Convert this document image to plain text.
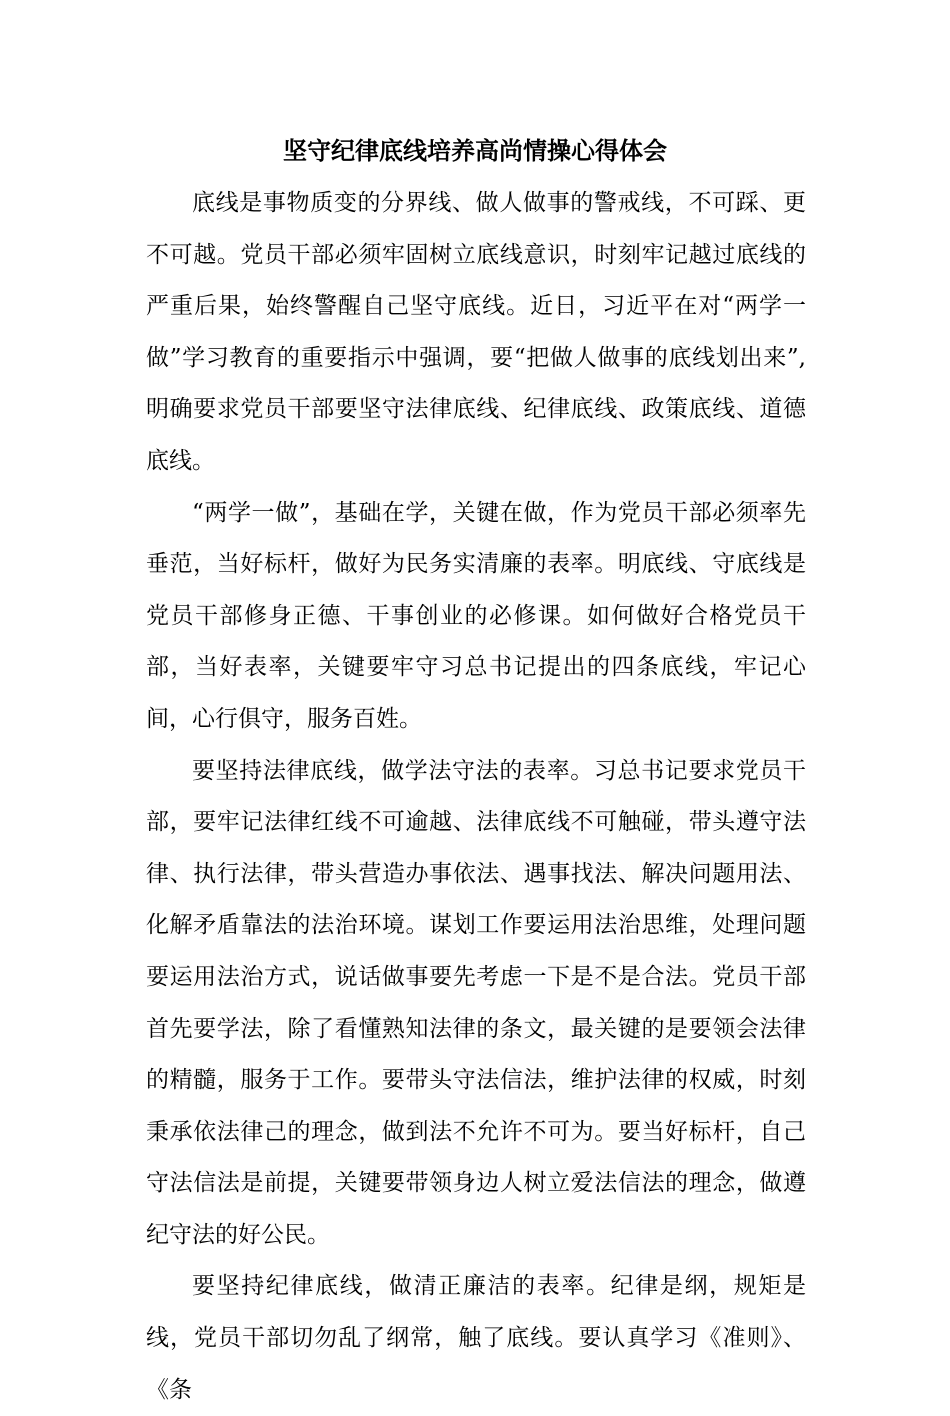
坚守纪律底线培养高尚情操心得体会

底线是事物质变的分界线、做人做事的警戒线，不可踩、更不可越。党员干部必须牢固树立底线意识，时刻牢记越过底线的严重后果，始终警醒自己坚守底线。近日，习近平在对“两学一做”学习教育的重要指示中强调，要“把做人做事的底线划出来”,明确要求党员干部要坚守法律底线、纪律底线、政策底线、道德底线。

“两学一做”，基础在学，关键在做，作为党员干部必须率先垂范，当好标杆，做好为民务实清廉的表率。明底线、守底线是党员干部修身正德、干事创业的必修课。如何做好合格党员干部，当好表率，关键要牢守习总书记提出的四条底线，牢记心间，心行俱守，服务百姓。

要坚持法律底线，做学法守法的表率。习总书记要求党员干部，要牢记法律红线不可逾越、法律底线不可触碰，带头遵守法律、执行法律，带头营造办事依法、遇事找法、解决问题用法、化解矛盾靠法的法治环境。谋划工作要运用法治思维，处理问题要运用法治方式，说话做事要先考虑一下是不是合法。党员干部首先要学法，除了看懂熟知法律的条文，最关键的是要领会法律的精髓，服务于工作。要带头守法信法，维护法律的权威，时刻秉承依法律己的理念，做到法不允许不可为。要当好标杆，自己守法信法是前提，关键要带领身边人树立爱法信法的理念，做遵纪守法的好公民。

要坚持纪律底线，做清正廉洁的表率。纪律是纲，规矩是线，党员干部切勿乱了纲常，触了底线。要认真学习《准则》、《条
